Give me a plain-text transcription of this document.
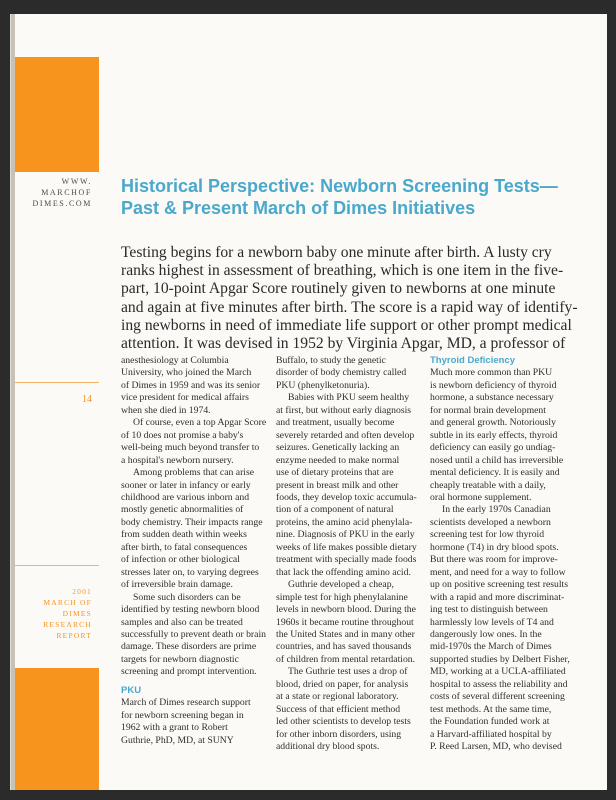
WWW.
MARCHOF
DIMES.COM
14
2001
MARCH OF
DIMES
RESEARCH
REPORT
Historical Perspective: Newborn Screening Tests—
Past & Present March of Dimes Initiatives
Testing begins for a newborn baby one minute after birth. A lusty cry
ranks highest in assessment of breathing, which is one item in the five-
part, 10-point Apgar Score routinely given to newborns at one minute
and again at five minutes after birth. The score is a rapid way of identify-
ing newborns in need of immediate life support or other prompt medical
attention. It was devised in 1952 by Virginia Apgar, MD, a professor of
anesthesiology at Columbia
University, who joined the March
of Dimes in 1959 and was its senior
vice president for medical affairs
when she died in 1974.
Of course, even a top Apgar Score
of 10 does not promise a baby's
well-being much beyond transfer to
a hospital's newborn nursery.
Among problems that can arise
sooner or later in infancy or early
childhood are various inborn and
mostly genetic abnormalities of
body chemistry. Their impacts range
from sudden death within weeks
after birth, to fatal consequences
of infection or other biological
stresses later on, to varying degrees
of irreversible brain damage.
Some such disorders can be
identified by testing newborn blood
samples and also can be treated
successfully to prevent death or brain
damage. These disorders are prime
targets for newborn diagnostic
screening and prompt intervention.
PKU
March of Dimes research support
for newborn screening began in
1962 with a grant to Robert
Guthrie, PhD, MD, at SUNY
Buffalo, to study the genetic
disorder of body chemistry called
PKU (phenylketonuria).
Babies with PKU seem healthy
at first, but without early diagnosis
and treatment, usually become
severely retarded and often develop
seizures. Genetically lacking an
enzyme needed to make normal
use of dietary proteins that are
present in breast milk and other
foods, they develop toxic accumula-
tion of a component of natural
proteins, the amino acid phenylala-
nine. Diagnosis of PKU in the early
weeks of life makes possible dietary
treatment with specially made foods
that lack the offending amino acid.
Guthrie developed a cheap,
simple test for high phenylalanine
levels in newborn blood. During the
1960s it became routine throughout
the United States and in many other
countries, and has saved thousands
of children from mental retardation.
The Guthrie test uses a drop of
blood, dried on paper, for analysis
at a state or regional laboratory.
Success of that efficient method
led other scientists to develop tests
for other inborn disorders, using
additional dry blood spots.
Thyroid Deficiency
Much more common than PKU
is newborn deficiency of thyroid
hormone, a substance necessary
for normal brain development
and general growth. Notoriously
subtle in its early effects, thyroid
deficiency can easily go undiag-
nosed until a child has irreversible
mental deficiency. It is easily and
cheaply treatable with a daily,
oral hormone supplement.
In the early 1970s Canadian
scientists developed a newborn
screening test for low thyroid
hormone (T4) in dry blood spots.
But there was room for improve-
ment, and need for a way to follow
up on positive screening test results
with a rapid and more discriminat-
ing test to distinguish between
harmlessly low levels of T4 and
dangerously low ones. In the
mid-1970s the March of Dimes
supported studies by Delbert Fisher,
MD, working at a UCLA-affiliated
hospital to assess the reliability and
costs of several different screening
test methods. At the same time,
the Foundation funded work at
a Harvard-affiliated hospital by
P. Reed Larsen, MD, who devised
